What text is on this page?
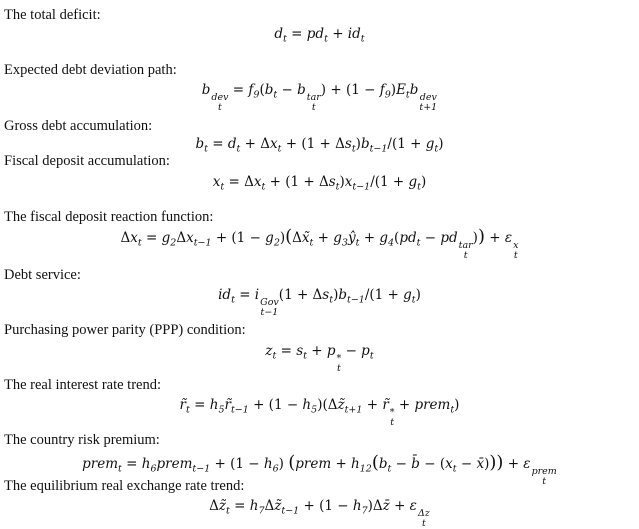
The total deficit:
$d_t = pd_t + id_t$
Expected debt deviation path:
b dev
t
= $f_9(b_t - b$ tar
t
) + $(1 - f_9)E_tb$ dev
t+1
Gross debt accumulation:
$b_t = d_t + \Delta x_t + (1 + \Delta s_t)b_{t-1}/(1 + g_t)$
Fiscal deposit accumulation:
$x_t = \Delta x_t + (1 + \Delta s_t)x_{t-1}/(1 + g_t)$
The fiscal deposit reaction function:
$\Delta x_t = g_2\Delta x_{t-1} + (1$ − $g_2)(\Delta x̃_t$ + $g_3ŷ_t + g_4(pd_t$ − pd tar
t
)) + ε x
t
Debt service:
$id_t = i$ Gov
t−1
$(1 + \Delta s_t)b_{t-1}/(1 + g_t)$
Purchasing power parity (PPP) condition:
$z_t = s_t + p$ *
t
− $p_t$
The real interest rate trend:
$r̃_t$ = $h_5r̃_{t-1} + (1$ − $h_5)(\Delta z̃_{t+1}$ + r̃ *
t
+ prem$_t$)
The country risk premium:
prem$_t$ = $h_6prem_{t-1} + (1 - h_6)$ (prem + $h_{12}(b_t$ − b̄ − ($x_t$ − x̄))) + ε prem
t
The equilibrium real exchange rate trend:
$\Delta z̃_t$ = $h_7\Delta z̃_{t-1} + (1$ − $h_7)\Delta z̄ + \varepsilon$ Δz
t
